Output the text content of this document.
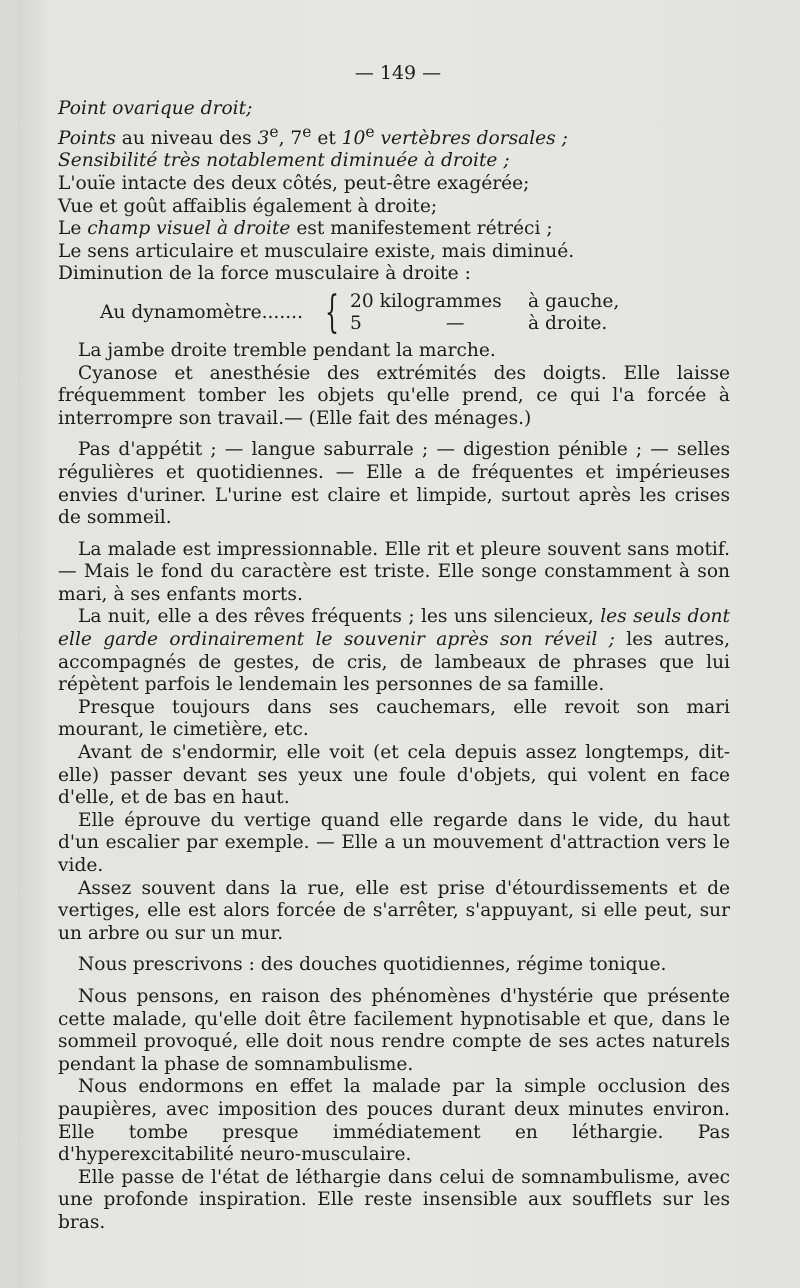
— 149 —

Point ovarique droit;

Points au niveau des 3e, 7e et 10e vertèbres dorsales ;

Sensibilité très notablement diminuée à droite ;

L'ouïe intacte des deux côtés, peut-être exagérée;

Vue et goût affaiblis également à droite;

Le champ visuel à droite est manifestement rétréci ;

Le sens articulaire et musculaire existe, mais diminué.

Diminution de la force musculaire à droite :

Au dynamomètre....... { 20 kilogrammes	à gauche,
5	—	à droite.

La jambe droite tremble pendant la marche.

Cyanose et anesthésie des extrémités des doigts. Elle laisse fréquemment tomber les objets qu'elle prend, ce qui l'a forcée à interrompre son travail.— (Elle fait des ménages.)

Pas d'appétit ; — langue saburrale ; — digestion pénible ; — selles régulières et quotidiennes. — Elle a de fréquentes et impérieuses envies d'uriner. L'urine est claire et limpide, surtout après les crises de sommeil.

La malade est impressionnable. Elle rit et pleure souvent sans motif. — Mais le fond du caractère est triste. Elle songe constamment à son mari, à ses enfants morts.

La nuit, elle a des rêves fréquents ; les uns silencieux, les seuls dont elle garde ordinairement le souvenir après son réveil ; les autres, accompagnés de gestes, de cris, de lambeaux de phrases que lui répètent parfois le lendemain les personnes de sa famille.

Presque toujours dans ses cauchemars, elle revoit son mari mourant, le cimetière, etc.

Avant de s'endormir, elle voit (et cela depuis assez longtemps, dit-elle) passer devant ses yeux une foule d'objets, qui volent en face d'elle, et de bas en haut.

Elle éprouve du vertige quand elle regarde dans le vide, du haut d'un escalier par exemple. — Elle a un mouvement d'attraction vers le vide.

Assez souvent dans la rue, elle est prise d'étourdissements et de vertiges, elle est alors forcée de s'arrêter, s'appuyant, si elle peut, sur un arbre ou sur un mur.

Nous prescrivons : des douches quotidiennes, régime tonique.

Nous pensons, en raison des phénomènes d'hystérie que présente cette malade, qu'elle doit être facilement hypnotisable et que, dans le sommeil provoqué, elle doit nous rendre compte de ses actes naturels pendant la phase de somnambulisme.

Nous endormons en effet la malade par la simple occlusion des paupières, avec imposition des pouces durant deux minutes environ. Elle tombe presque immédiatement en léthargie. Pas d'hyperexcitabilité neuro-musculaire.

Elle passe de l'état de léthargie dans celui de somnambulisme, avec une profonde inspiration. Elle reste insensible aux soufflets sur les bras.
